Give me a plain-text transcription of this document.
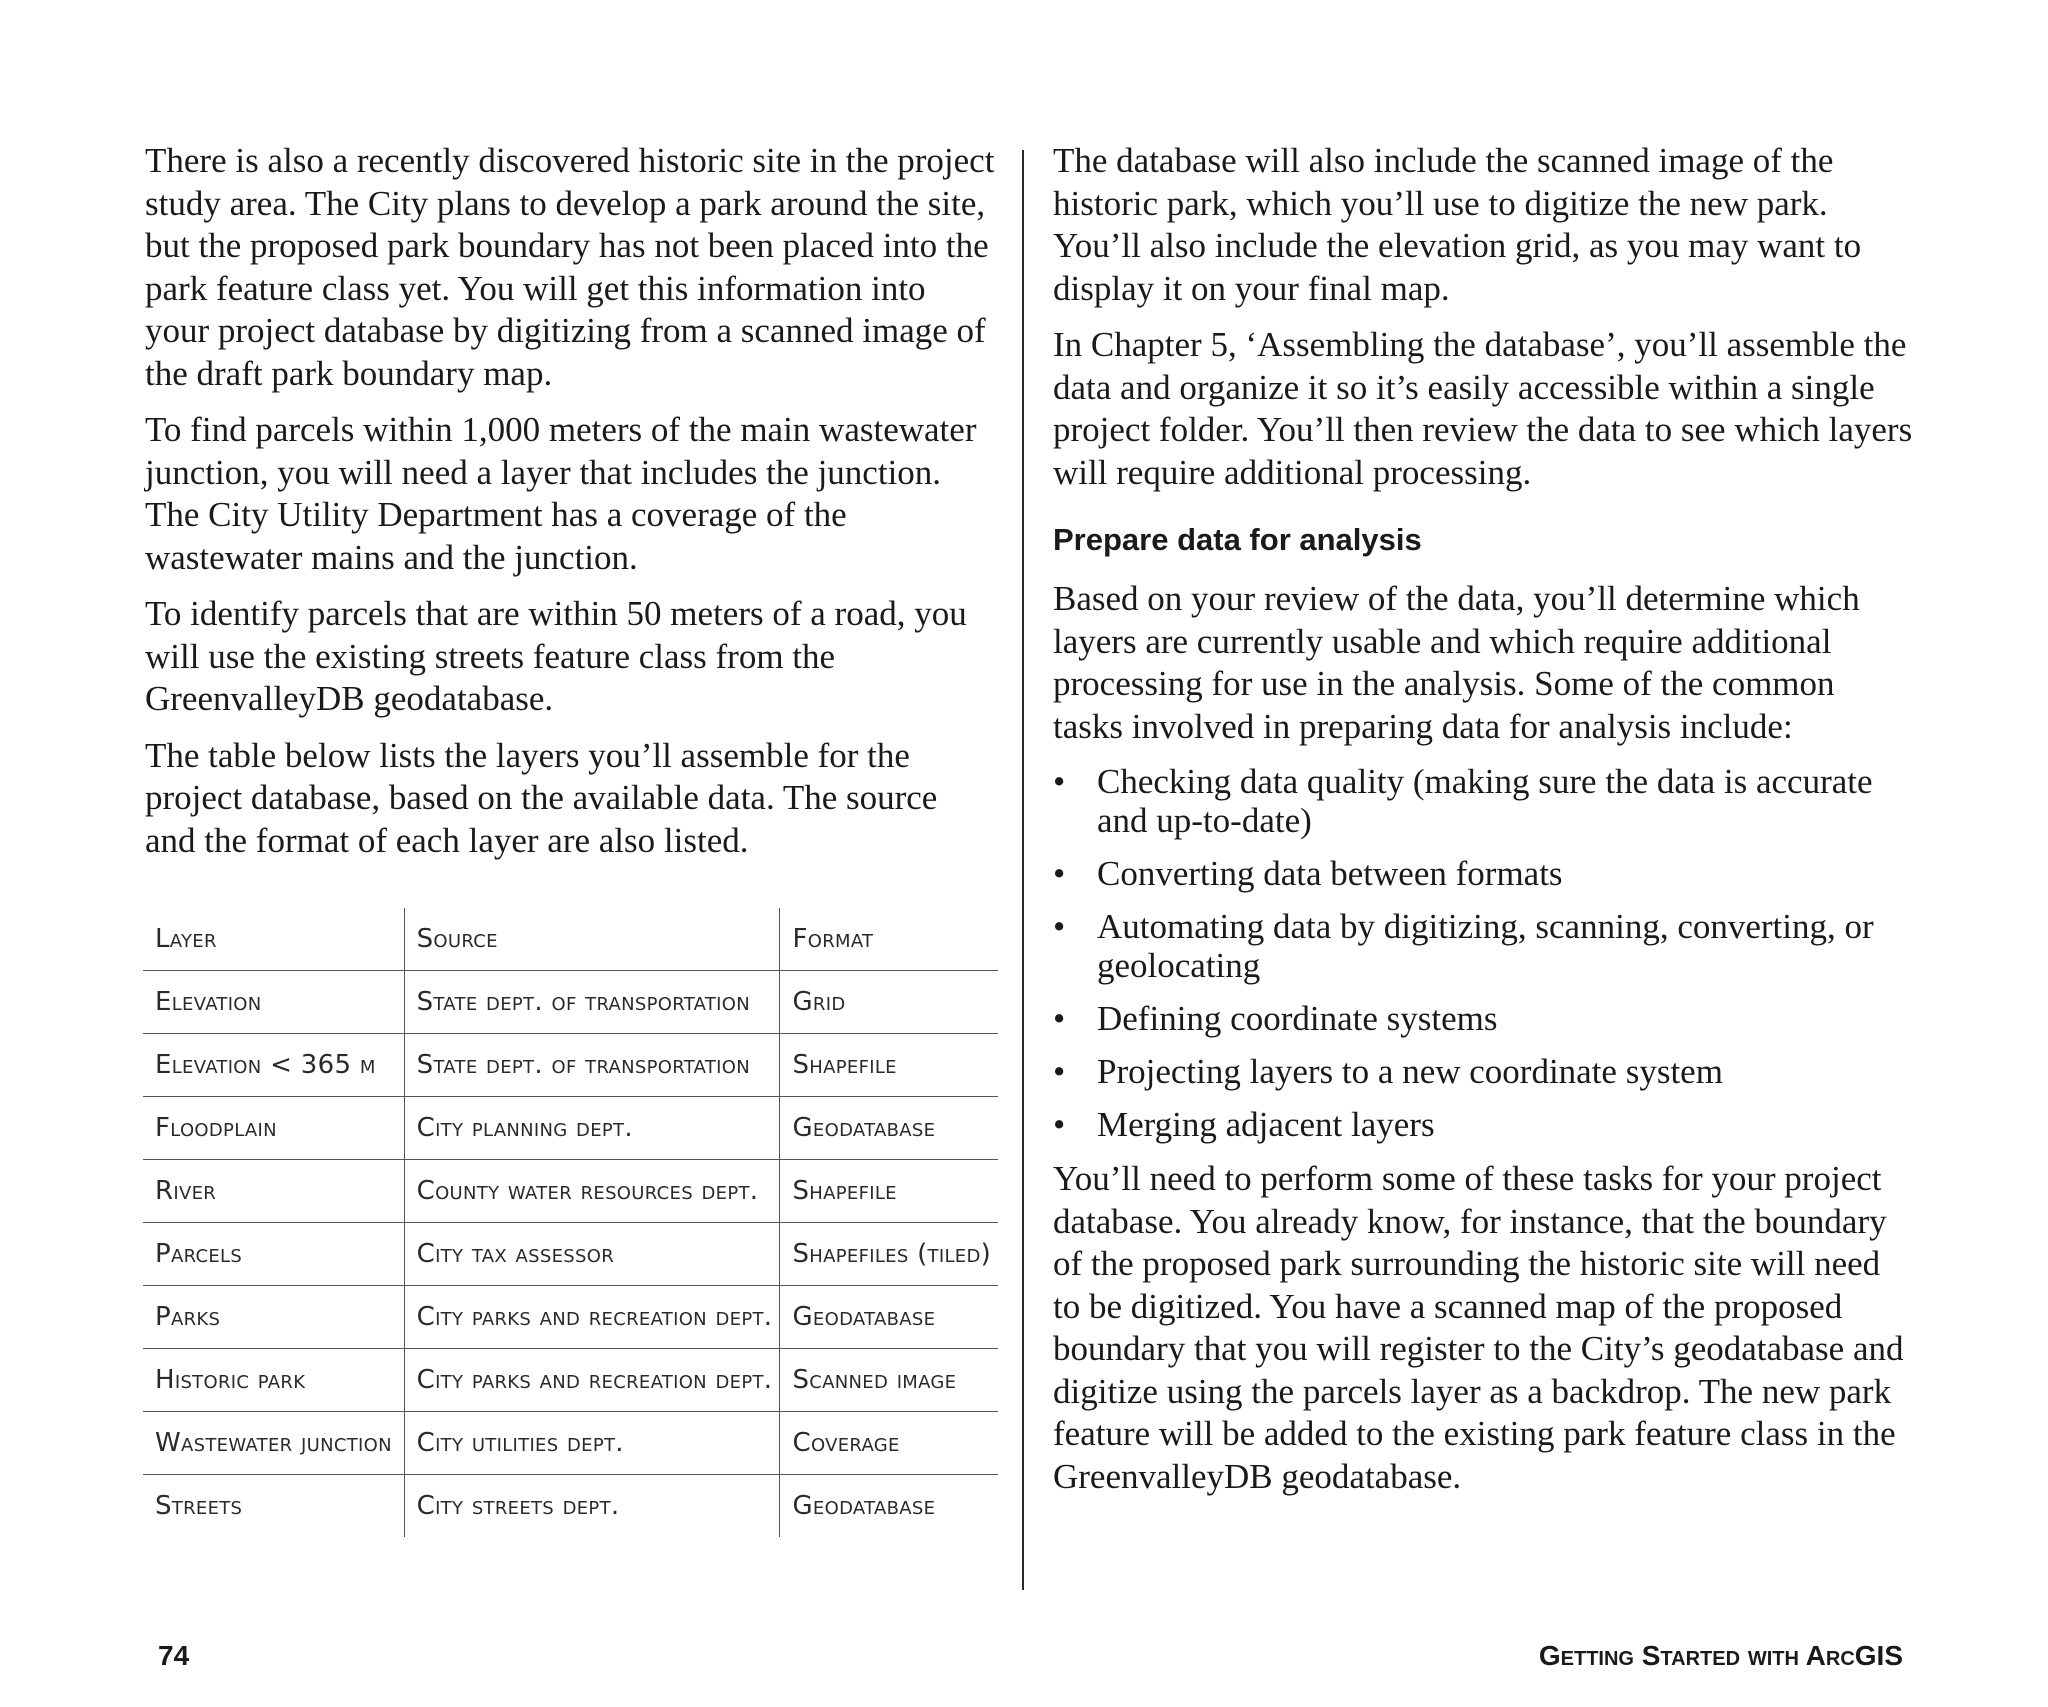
There is also a recently discovered historic site in the project study area. The City plans to develop a park around the site, but the proposed park boundary has not been placed into the park feature class yet. You will get this information into your project database by digitizing from a scanned image of the draft park boundary map.

To find parcels within 1,000 meters of the main wastewater junction, you will need a layer that includes the junction. The City Utility Department has a coverage of the wastewater mains and the junction.

To identify parcels that are within 50 meters of a road, you will use the existing streets feature class from the GreenvalleyDB geodatabase.

The table below lists the layers you’ll assemble for the project database, based on the available data. The source and the format of each layer are also listed.

Layer	Source	Format
Elevation	State dept. of transportation	Grid
Elevation < 365 m	State dept. of transportation	Shapefile
Floodplain	City planning dept.	Geodatabase
River	County water resources dept.	Shapefile
Parcels	City tax assessor	Shapefiles (tiled)
Parks	City parks and recreation dept.	Geodatabase
Historic park	City parks and recreation dept.	Scanned image
Wastewater junction	City utilities dept.	Coverage
Streets	City streets dept.	Geodatabase

The database will also include the scanned image of the historic park, which you’ll use to digitize the new park. You’ll also include the elevation grid, as you may want to display it on your final map.

In Chapter 5, ‘Assembling the database’, you’ll assemble the data and organize it so it’s easily accessible within a single project folder. You’ll then review the data to see which layers will require additional processing.

Prepare data for analysis

Based on your review of the data, you’ll determine which layers are currently usable and which require additional processing for use in the analysis. Some of the common tasks involved in preparing data for analysis include:

• Checking data quality (making sure the data is accurate and up-to-date)
• Converting data between formats
• Automating data by digitizing, scanning, converting, or geolocating
• Defining coordinate systems
• Projecting layers to a new coordinate system
• Merging adjacent layers

You’ll need to perform some of these tasks for your project database. You already know, for instance, that the boundary of the proposed park surrounding the historic site will need to be digitized. You have a scanned map of the proposed boundary that you will register to the City’s geodatabase and digitize using the parcels layer as a backdrop. The new park feature will be added to the existing park feature class in the GreenvalleyDB geodatabase.

74	Getting Started with ArcGIS
